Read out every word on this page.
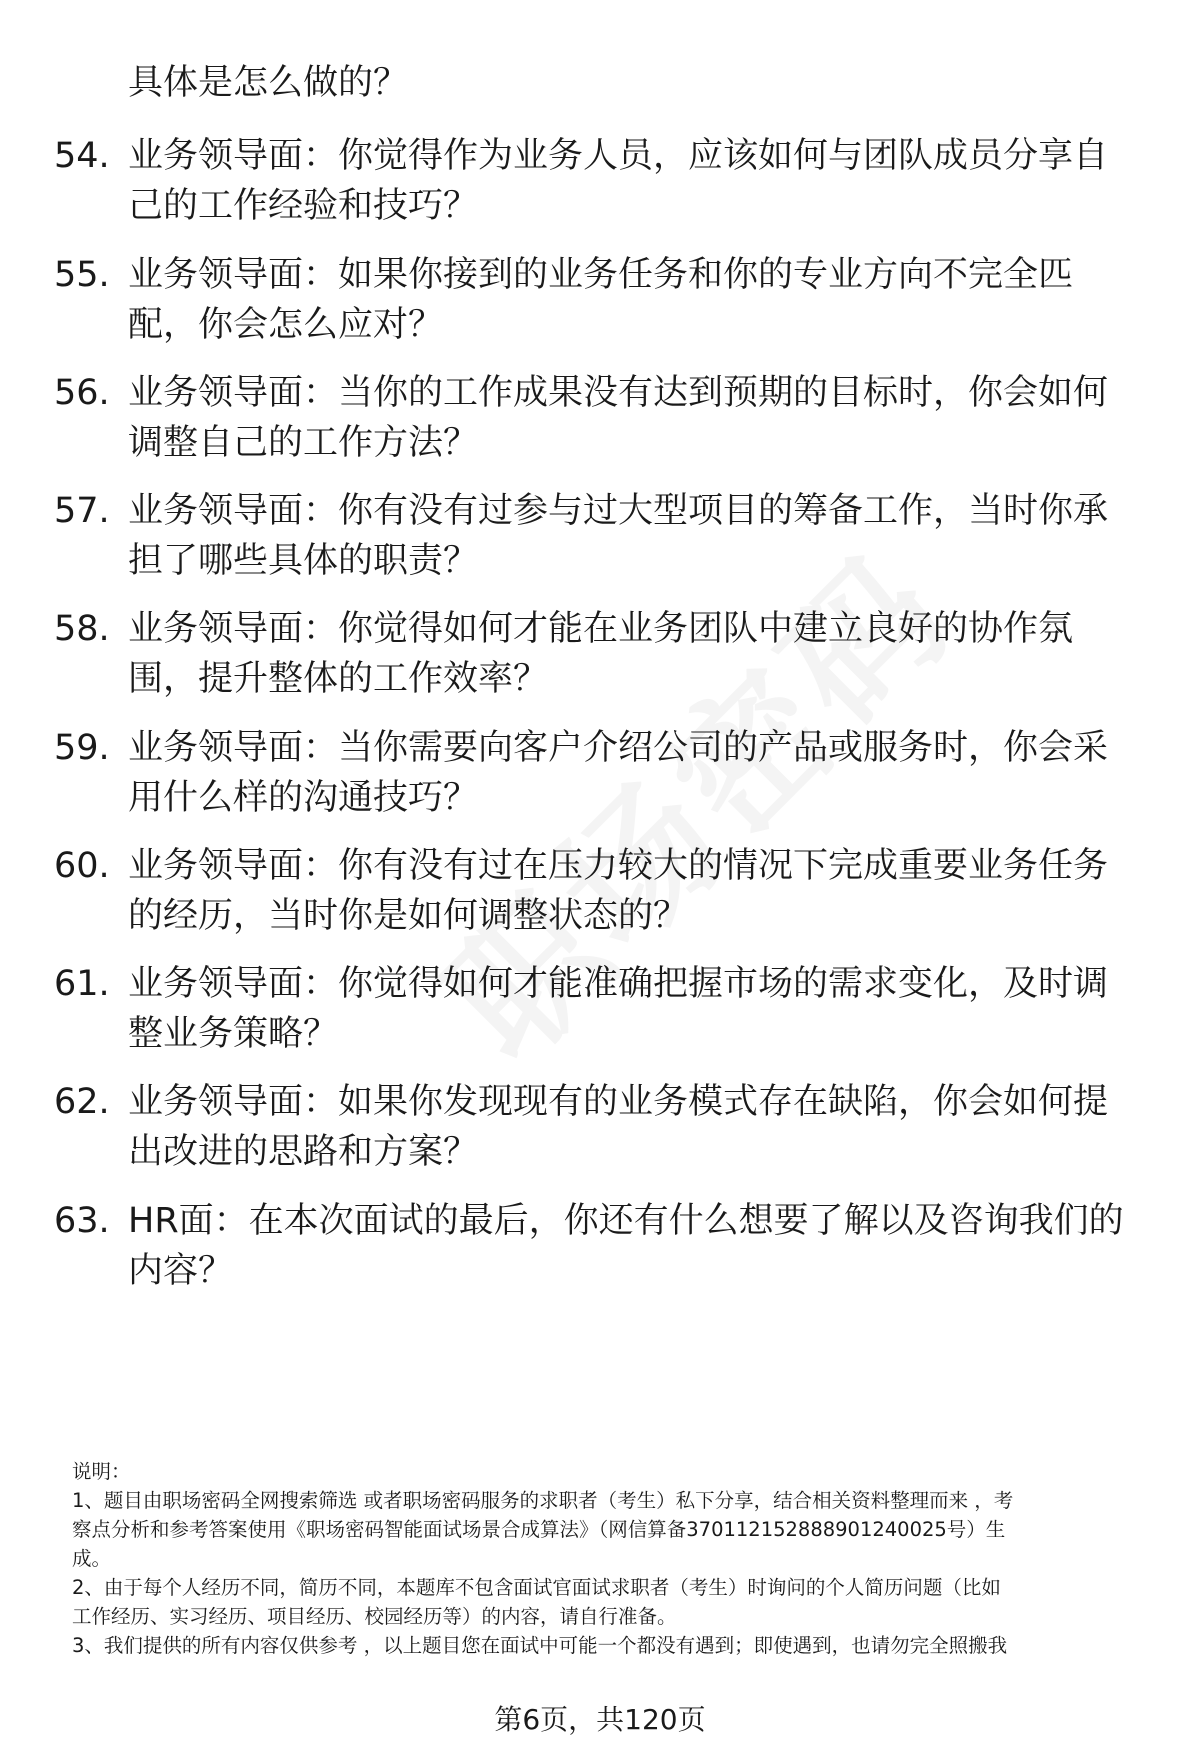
具体是怎么做的？
54. 业务领导面：你觉得作为业务人员，应该如何与团队成员分享自
己的工作经验和技巧？
55. 业务领导面：如果你接到的业务任务和你的专业方向不完全匹
配，你会怎么应对？
56. 业务领导面：当你的工作成果没有达到预期的目标时，你会如何
调整自己的工作方法？
57. 业务领导面：你有没有过参与过大型项目的筹备工作，当时你承
担了哪些具体的职责？
58. 业务领导面：你觉得如何才能在业务团队中建立良好的协作氛
围，提升整体的工作效率？
59. 业务领导面：当你需要向客户介绍公司的产品或服务时，你会采
用什么样的沟通技巧？
60. 业务领导面：你有没有过在压力较大的情况下完成重要业务任务
的经历，当时你是如何调整状态的？
61. 业务领导面：你觉得如何才能准确把握市场的需求变化，及时调
整业务策略？
62. 业务领导面：如果你发现现有的业务模式存在缺陷，你会如何提
出改进的思路和方案？
63. HR面：在本次面试的最后，你还有什么想要了解以及咨询我们的
内容？
说明：
1、题目由职场密码全网搜索筛选 或者职场密码服务的求职者（考生）私下分享，结合相关资料整理而来 ，考
察点分析和参考答案使用《职场密码智能面试场景合成算法》（网信算备370112152888901240025号）生
成。
2、由于每个人经历不同，简历不同，本题库不包含面试官面试求职者（考生）时询问的个人简历问题（比如
工作经历、实习经历、项目经历、校园经历等）的内容，请自行准备。
3、我们提供的所有内容仅供参考 ，以上题目您在面试中可能一个都没有遇到；即使遇到，也请勿完全照搬我
第6页，共120页
